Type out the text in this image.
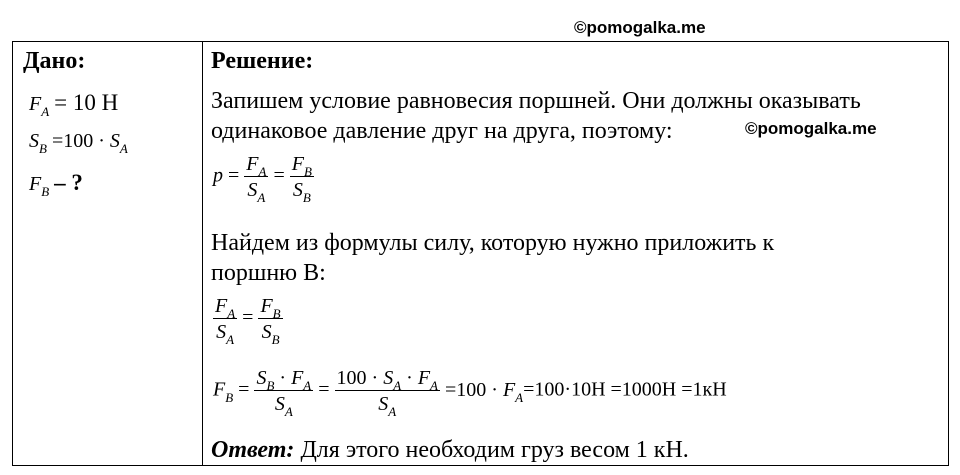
©pomogalka.me
Дано:
$F_A = 10$ Н
$S_B =100 \cdot S_A$
$F_B$ – ?
Решение:
Запишем условие равновесия поршней. Они должны оказывать
одинаковое давление друг на друга, поэтому:
$p = \frac{F_A}{S_A} = \frac{F_B}{S_B}$
Найдем из формулы силу, которую нужно приложить к
поршню В:
$\frac{F_A}{S_A} = \frac{F_B}{S_B}$
$F_B = \frac{S_B \cdot F_A}{S_A} = \frac{100 \cdot S_A \cdot F_A}{S_A} =100 \cdot F_A=100\cdot 10H =1000H =1кH$
Ответ: Для этого необходим груз весом 1 кН.
©pomogalka.me
